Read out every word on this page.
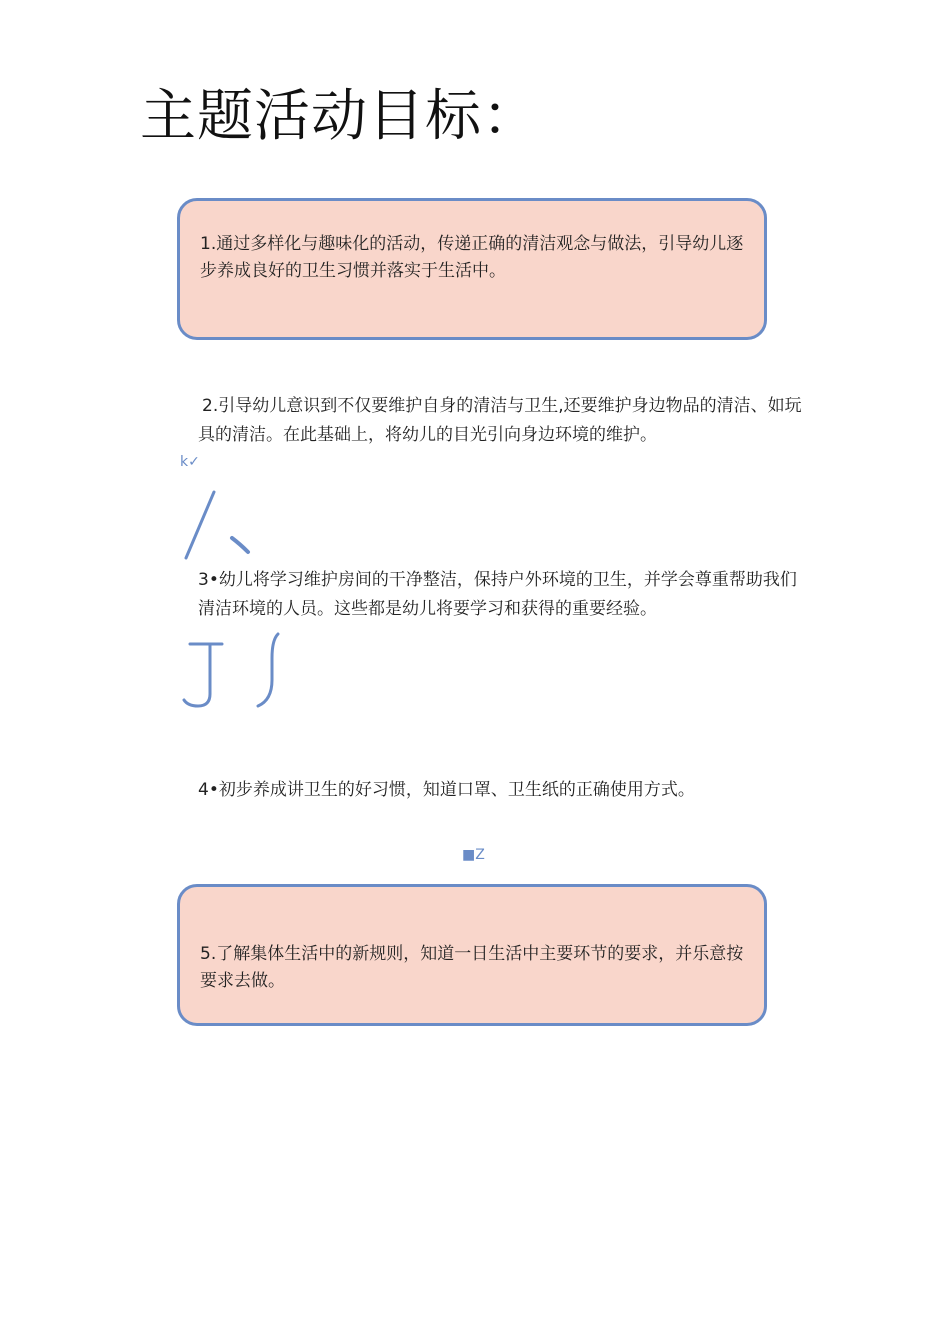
主题活动目标：
1.通过多样化与趣味化的活动，传递正确的清洁观念与做法，引导幼儿逐步养成良好的卫生习惯并落实于生活中。
2.引导幼儿意识到不仅要维护自身的清洁与卫生,还要维护身边物品的清洁、如玩具的清洁。在此基础上，将幼儿的目光引向身边环境的维护。
k✓
3•幼儿将学习维护房间的干净整洁，保持户外环境的卫生，并学会尊重帮助我们清洁环境的人员。这些都是幼儿将要学习和获得的重要经验。
4•初步养成讲卫生的好习惯，知道口罩、卫生纸的正确使用方式。
■Z
5.了解集体生活中的新规则，知道一日生活中主要环节的要求，并乐意按要求去做。
